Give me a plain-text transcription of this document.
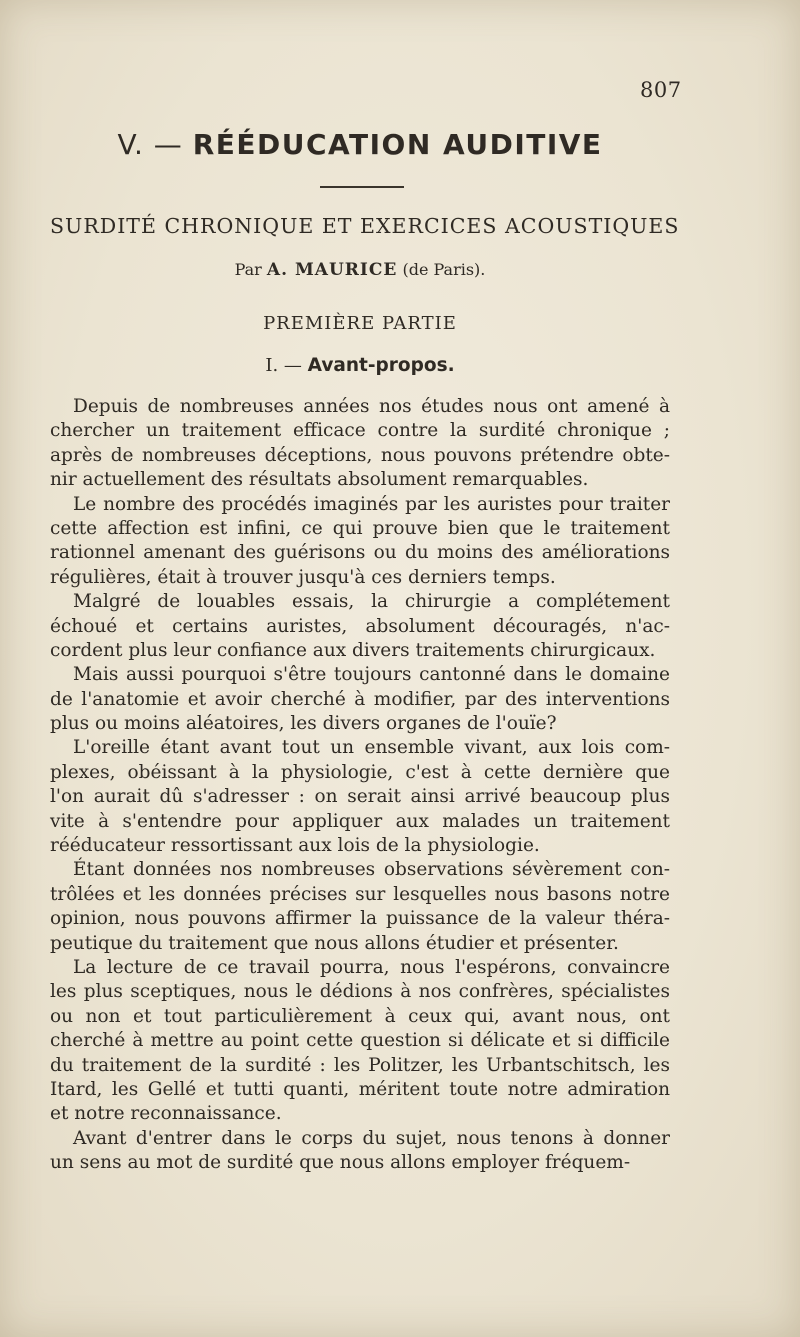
807
V. — RÉÉDUCATION AUDITIVE
SURDITÉ CHRONIQUE ET EXERCICES ACOUSTIQUES
Par A. MAURICE (de Paris).
PREMIÈRE PARTIE
I. — Avant-propos.
Depuis de nombreuses années nos études nous ont amené à
chercher un traitement efficace contre la surdité chronique ;
après de nombreuses déceptions, nous pouvons prétendre obte-
nir actuellement des résultats absolument remarquables.
Le nombre des procédés imaginés par les auristes pour traiter
cette affection est infini, ce qui prouve bien que le traitement
rationnel amenant des guérisons ou du moins des améliorations
régulières, était à trouver jusqu'à ces derniers temps.
Malgré de louables essais, la chirurgie a complétement
échoué et certains auristes, absolument découragés, n'ac-
cordent plus leur confiance aux divers traitements chirurgicaux.
Mais aussi pourquoi s'être toujours cantonné dans le domaine
de l'anatomie et avoir cherché à modifier, par des interventions
plus ou moins aléatoires, les divers organes de l'ouïe?
L'oreille étant avant tout un ensemble vivant, aux lois com-
plexes, obéissant à la physiologie, c'est à cette dernière que
l'on aurait dû s'adresser : on serait ainsi arrivé beaucoup plus
vite à s'entendre pour appliquer aux malades un traitement
rééducateur ressortissant aux lois de la physiologie.
Étant données nos nombreuses observations sévèrement con-
trôlées et les données précises sur lesquelles nous basons notre
opinion, nous pouvons affirmer la puissance de la valeur théra-
peutique du traitement que nous allons étudier et présenter.
La lecture de ce travail pourra, nous l'espérons, convaincre
les plus sceptiques, nous le dédions à nos confrères, spécialistes
ou non et tout particulièrement à ceux qui, avant nous, ont
cherché à mettre au point cette question si délicate et si difficile
du traitement de la surdité : les Politzer, les Urbantschitsch, les
Itard, les Gellé et tutti quanti, méritent toute notre admiration
et notre reconnaissance.
Avant d'entrer dans le corps du sujet, nous tenons à donner
un sens au mot de surdité que nous allons employer fréquem-
